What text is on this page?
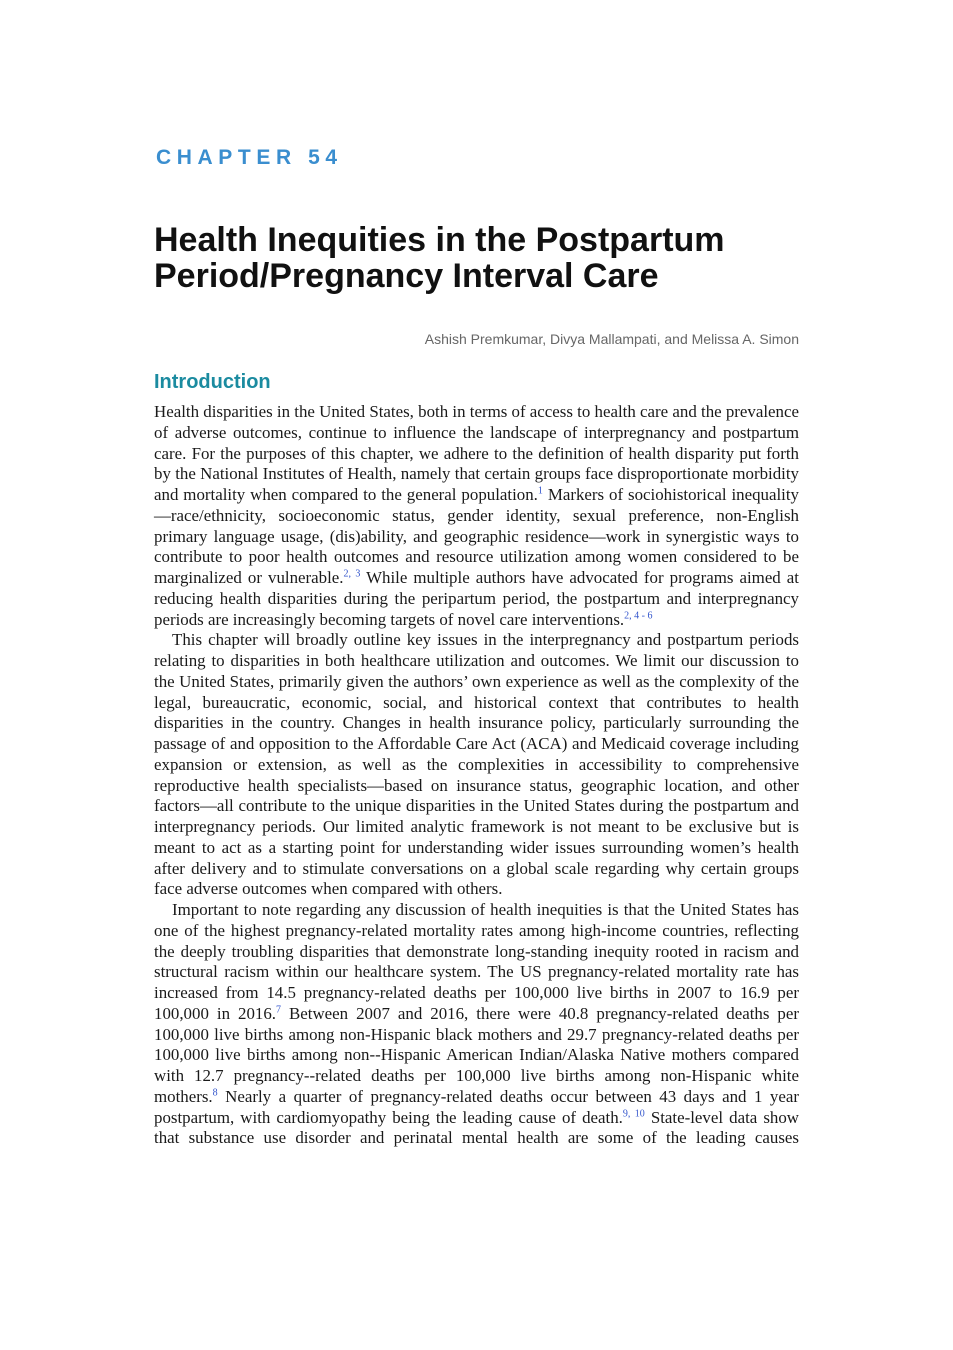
CHAPTER 54
Health Inequities in the Postpartum
Period/Pregnancy Interval Care

Ashish Premkumar, Divya Mallampati, and Melissa A. Simon

Introduction

Health disparities in the United States, both in terms of access to health care and the prevalence of adverse outcomes, continue to influence the landscape of interpregnancy and postpartum care. For the purposes of this chapter, we adhere to the definition of health disparity put forth by the National Institutes of Health, namely that certain groups face disproportionate morbidity and mortality when compared to the general population.$^1$ Markers of sociohistorical inequality—race/ethnicity, socioeconomic status, gender identity, sexual preference, non-English primary language usage, (dis)ability, and geographic residence—work in synergistic ways to contribute to poor health outcomes and resource utilization among women considered to be marginalized or vulnerable.$^{2, 3}$ While multiple authors have advocated for programs aimed at reducing health disparities during the peripartum period, the postpartum and interpregnancy periods are increasingly becoming targets of novel care interventions.$^{2, 4 - 6}$

This chapter will broadly outline key issues in the interpregnancy and postpartum periods relating to disparities in both healthcare utilization and outcomes. We limit our discussion to the United States, primarily given the authors’ own experience as well as the complexity of the legal, bureaucratic, economic, social, and historical context that contributes to health disparities in the country. Changes in health insurance policy, particularly surrounding the passage of and opposition to the Affordable Care Act (ACA) and Medicaid coverage including expansion or extension, as well as the complexities in accessibility to comprehensive reproductive health specialists—based on insurance status, geographic location, and other factors—all contribute to the unique disparities in the United States during the postpartum and interpregnancy periods. Our limited analytic framework is not meant to be exclusive but is meant to act as a starting point for understanding wider issues surrounding women’s health after delivery and to stimulate conversations on a global scale regarding why certain groups face adverse outcomes when compared with others.

Important to note regarding any discussion of health inequities is that the United States has one of the highest pregnancy-related mortality rates among high-income countries, reflecting the deeply troubling disparities that demonstrate long-standing inequity rooted in racism and structural racism within our healthcare system. The US pregnancy-related mortality rate has increased from 14.5 pregnancy-related deaths per 100,000 live births in 2007 to 16.9 per 100,000 in 2016.$^7$ Between 2007 and 2016, there were 40.8 pregnancy-related deaths per 100,000 live births among non-Hispanic black mothers and 29.7 pregnancy-related deaths per 100,000 live births among non--Hispanic American Indian/Alaska Native mothers compared with 12.7 pregnancy--related deaths per 100,000 live births among non-Hispanic white mothers.$^8$ Nearly a quarter of pregnancy-related deaths occur between 43 days and 1 year postpartum, with cardiomyopathy being the leading cause of death.$^{9, 10}$ State-level data show that substance use disorder and perinatal mental health are some of the leading causes
